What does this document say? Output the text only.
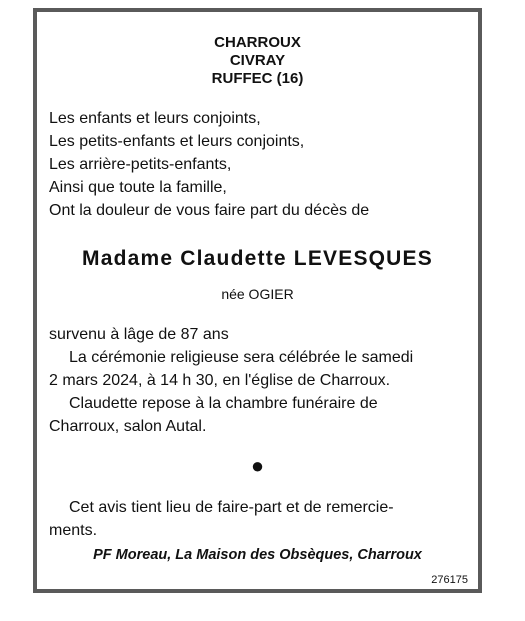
CHARROUX
CIVRAY
RUFFEC (16)
Les enfants et leurs conjoints,
Les petits-enfants et leurs conjoints,
Les arrière-petits-enfants,
Ainsi que toute la famille,
Ont la douleur de vous faire part du décès de
Madame Claudette LEVESQUES
née OGIER
survenu à lâge de 87 ans
La cérémonie religieuse sera célébrée le samedi
2 mars 2024, à 14 h 30, en l'église de Charroux.
Claudette repose à la chambre funéraire de
Charroux, salon Autal.
●
Cet avis tient lieu de faire-part et de remercie-
ments.
PF Moreau, La Maison des Obsèques, Charroux
276175
